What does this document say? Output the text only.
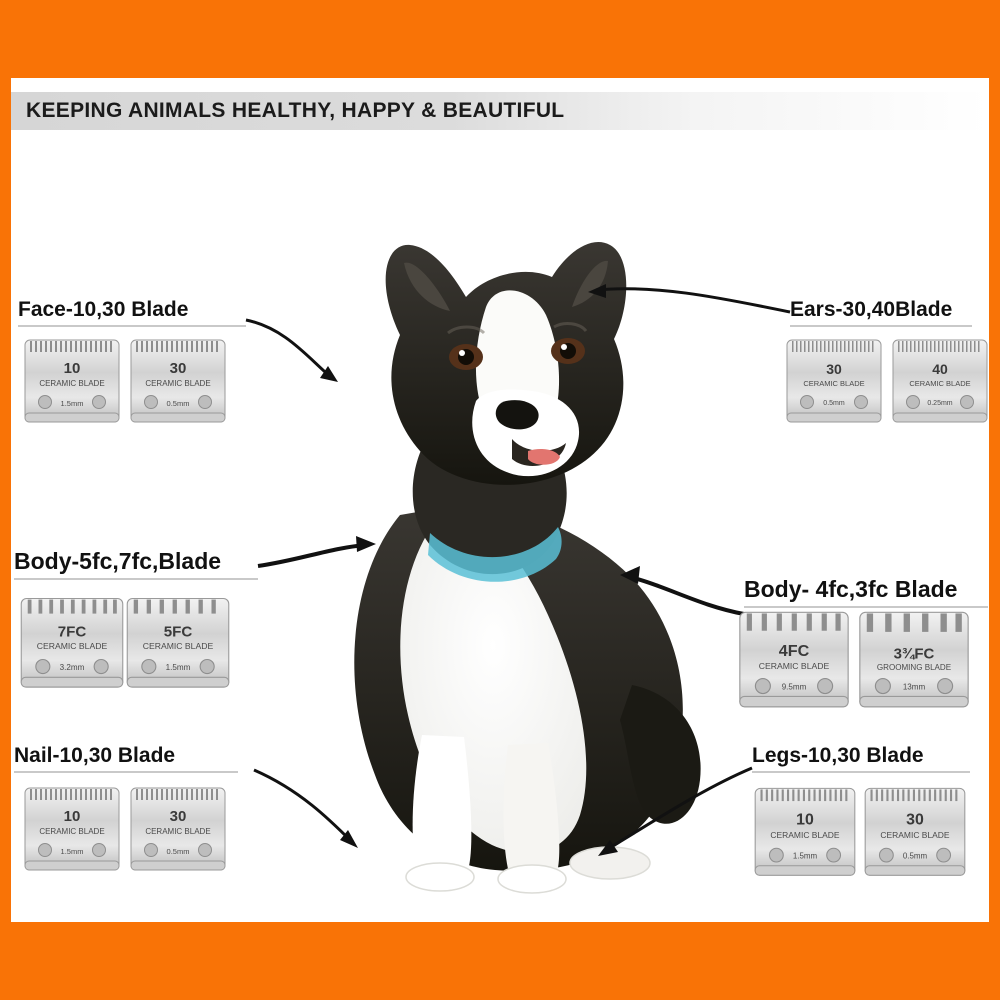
KEEPING ANIMALS HEALTHY, HAPPY & BEAUTIFUL
Face-10,30 Blade	Ears-30,40Blade
Body-5fc,7fc,Blade
Body- 4fc,3fc Blade
Nail-10,30 Blade	Legs-10,30 Blade
10
CERAMIC BLADE
1.5mm
30
CERAMIC BLADE
0.5mm
30
CERAMIC BLADE
0.5mm
40
CERAMIC BLADE
0.25mm
7FC
CERAMIC BLADE
3.2mm
5FC
CERAMIC BLADE
1.5mm
4FC
CERAMIC BLADE
9.5mm
3¾FC
GROOMING BLADE
13mm
10
CERAMIC BLADE
1.5mm
30
CERAMIC BLADE
0.5mm
10
CERAMIC BLADE
1.5mm
30
CERAMIC BLADE
0.5mm
